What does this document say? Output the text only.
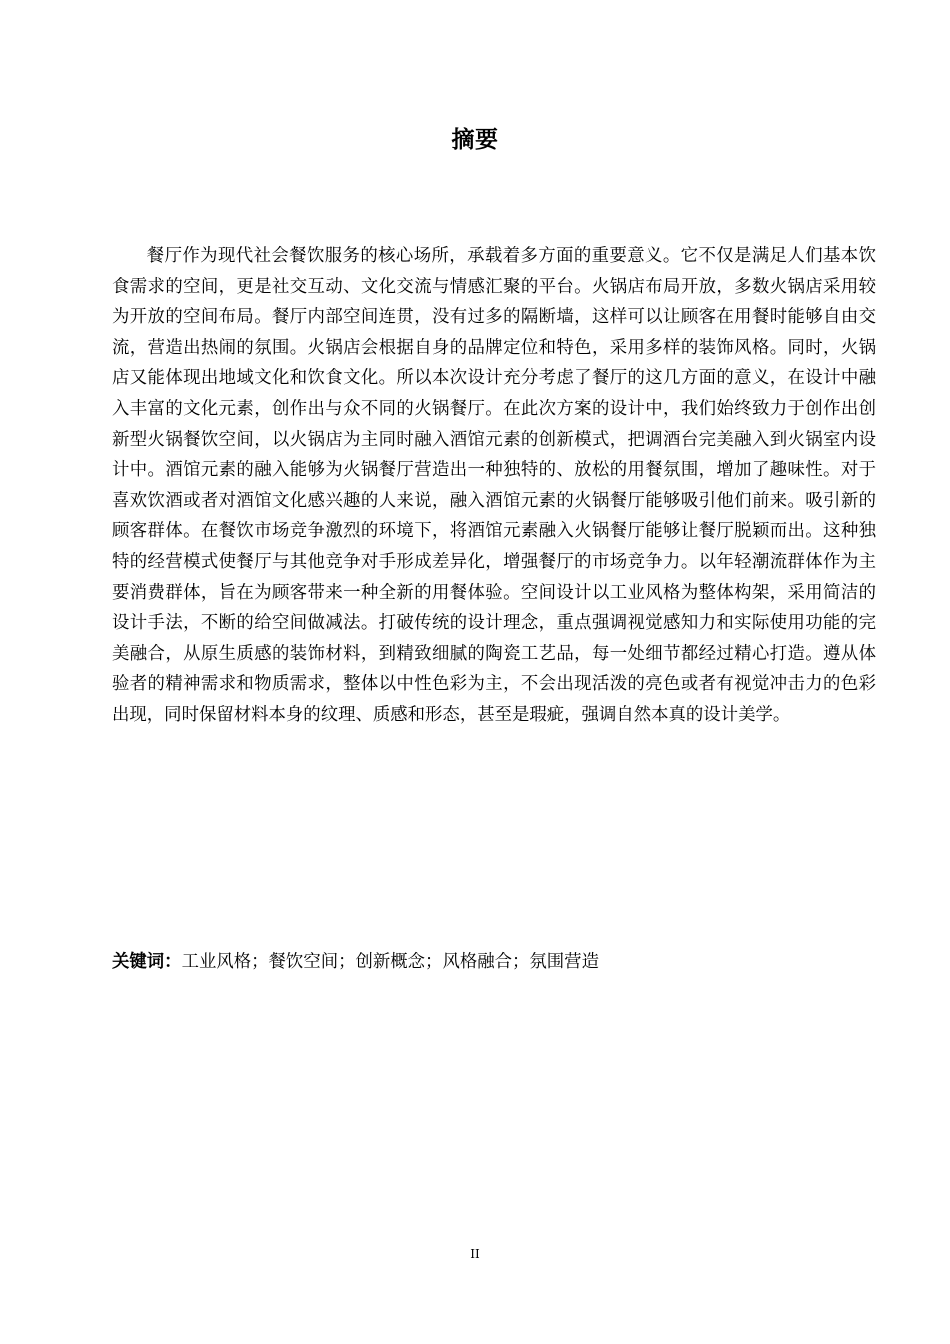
摘要

餐厅作为现代社会餐饮服务的核心场所，承载着多方面的重要意义。它不仅是满足人们基本饮食需求的空间，更是社交互动、文化交流与情感汇聚的平台。火锅店布局开放，多数火锅店采用较为开放的空间布局。餐厅内部空间连贯，没有过多的隔断墙，这样可以让顾客在用餐时能够自由交流，营造出热闹的氛围。火锅店会根据自身的品牌定位和特色，采用多样的装饰风格。同时，火锅店又能体现出地域文化和饮食文化。所以本次设计充分考虑了餐厅的这几方面的意义，在设计中融入丰富的文化元素，创作出与众不同的火锅餐厅。在此次方案的设计中，我们始终致力于创作出创新型火锅餐饮空间，以火锅店为主同时融入酒馆元素的创新模式，把调酒台完美融入到火锅室内设计中。酒馆元素的融入能够为火锅餐厅营造出一种独特的、放松的用餐氛围，增加了趣味性。对于喜欢饮酒或者对酒馆文化感兴趣的人来说，融入酒馆元素的火锅餐厅能够吸引他们前来。吸引新的顾客群体。在餐饮市场竞争激烈的环境下，将酒馆元素融入火锅餐厅能够让餐厅脱颖而出。这种独特的经营模式使餐厅与其他竞争对手形成差异化，增强餐厅的市场竞争力。以年轻潮流群体作为主要消费群体，旨在为顾客带来一种全新的用餐体验。空间设计以工业风格为整体构架，采用简洁的设计手法，不断的给空间做减法。打破传统的设计理念，重点强调视觉感知力和实际使用功能的完美融合，从原生质感的装饰材料，到精致细腻的陶瓷工艺品，每一处细节都经过精心打造。遵从体验者的精神需求和物质需求，整体以中性色彩为主，不会出现活泼的亮色或者有视觉冲击力的色彩出现，同时保留材料本身的纹理、质感和形态，甚至是瑕疵，强调自然本真的设计美学。

关键词：工业风格；餐饮空间；创新概念；风格融合；氛围营造
II
